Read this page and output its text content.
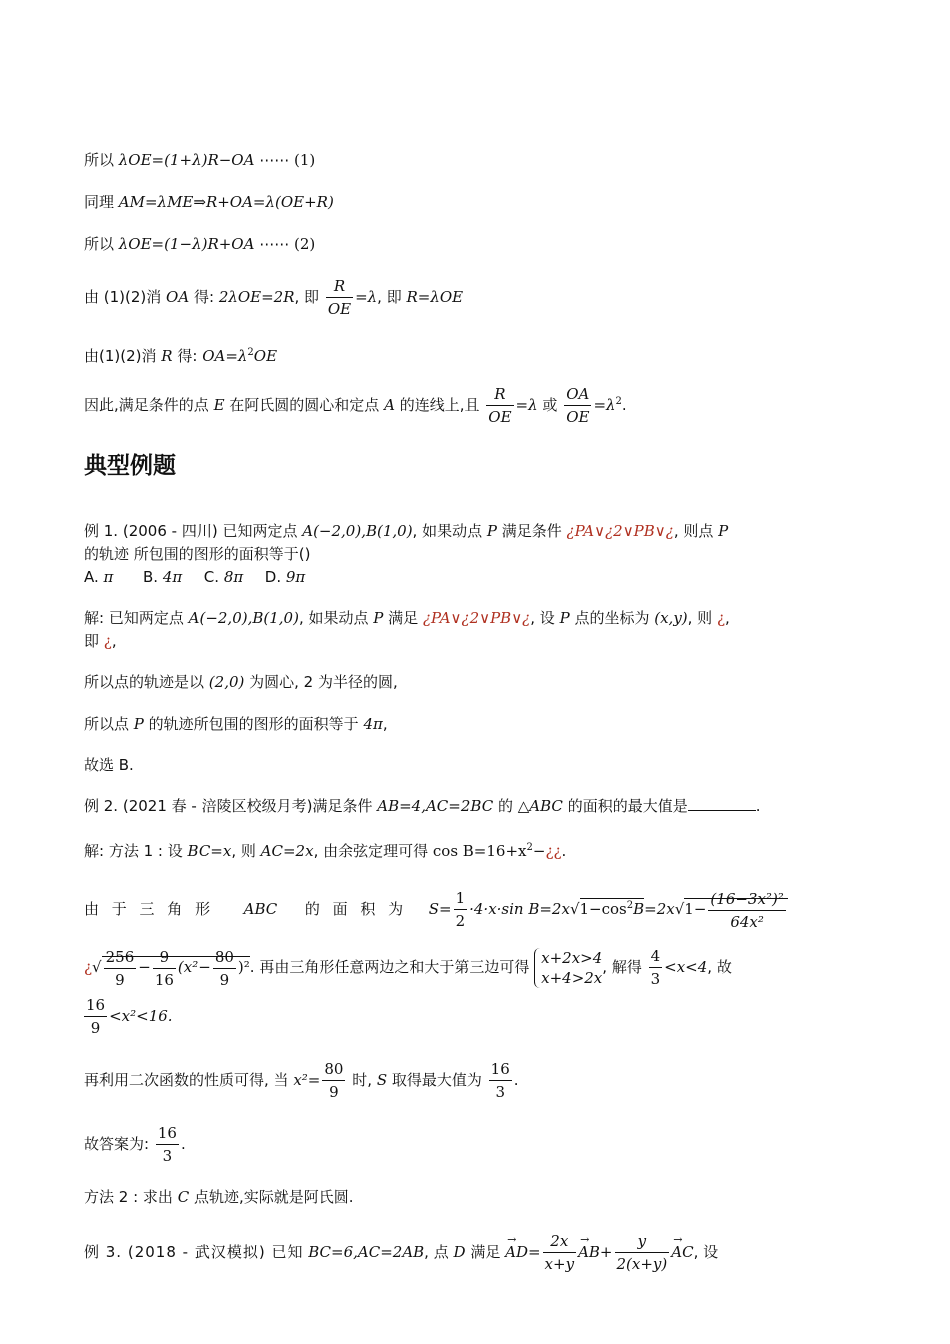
所以 λOE=(1+λ)R−OA ⋯⋯ (1)
同理 AM=λME⇒R+OA=λ(OE+R)
所以 λOE=(1−λ)R+OA ⋯⋯ (2)
由 (1)(2)消 OA 得: 2λOE=2R, 即 $\frac{R}{OE} =\lambda$, 即 R=λOE
由(1)(2)消 R 得: $OA=\lambda^2OE$
因此,满足条件的点 E 在阿氏圆的圆心和定点 A 的连线上,且 $\frac{R}{OE} =\lambda$ 或 $\frac{OA}{OE} =\lambda^2$.
典型例题
例 1. (2006 - 四川) 已知两定点 A(−2,0),B(1,0), 如果动点 P 满足条件 ¿PA∨¿2∨PB∨¿, 则点 P
的轨迹 所包围的图形的面积等于()
A. π B. 4π C. 8π D. 9π
解: 已知两定点 A(−2,0),B(1,0), 如果动点 P 满足 ¿PA∨¿2∨PB∨¿, 设 P 点的坐标为 (x,y), 则 ¿,
即 ¿,
所以点的轨迹是以 (2,0) 为圆心, 2 为半径的圆,
所以点 P 的轨迹所包围的图形的面积等于 4π,
故选 B.
例 2. (2021 春 - 涪陵区校级月考)满足条件 AB=4,AC=2BC 的 △ABC 的面积的最大值是	.
解: 方法 1 : 设 BC=x, 则 AC=2x, 由余弦定理可得 $\cos B=16+x^2-¿¿$.
由 于 三 角 形 ABC 的 面 积 为 $S= \frac{1}{2} \cdot 4\cdot x\cdot\sin$ $B=2x√1-\cos^2B=2x√1- \frac{\text{(16−3x²)²}}{\text{64x²}}$
¿√ $\frac{256}{9} - \frac{9}{16} (x^2- \frac{80}{9} )^2$. 再由三角形任意两边之和大于第三边可得
x+2x>4
x+4>2x
, 解得 $\frac{4}{3} <x<4$, 故
$\frac{16}{9} <x^2<16$.
再利用二次函数的性质可得, 当 $x^2= \frac{80}{9}$ 时, S 取得最大值为 $\frac{16}{3}$ .
故答案为: $\frac{16}{3}$ .
方法 2 : 求出 C 点轨迹,实际就是阿氏圆.
例 3. (2018 - 武汉模拟) 已知 BC=6,AC=2AB, 点 D 满足 → $AD= \frac{2x}{x+y}$
→ $AB+ \frac{y}{2(x+y)}$
→ AC, 设
